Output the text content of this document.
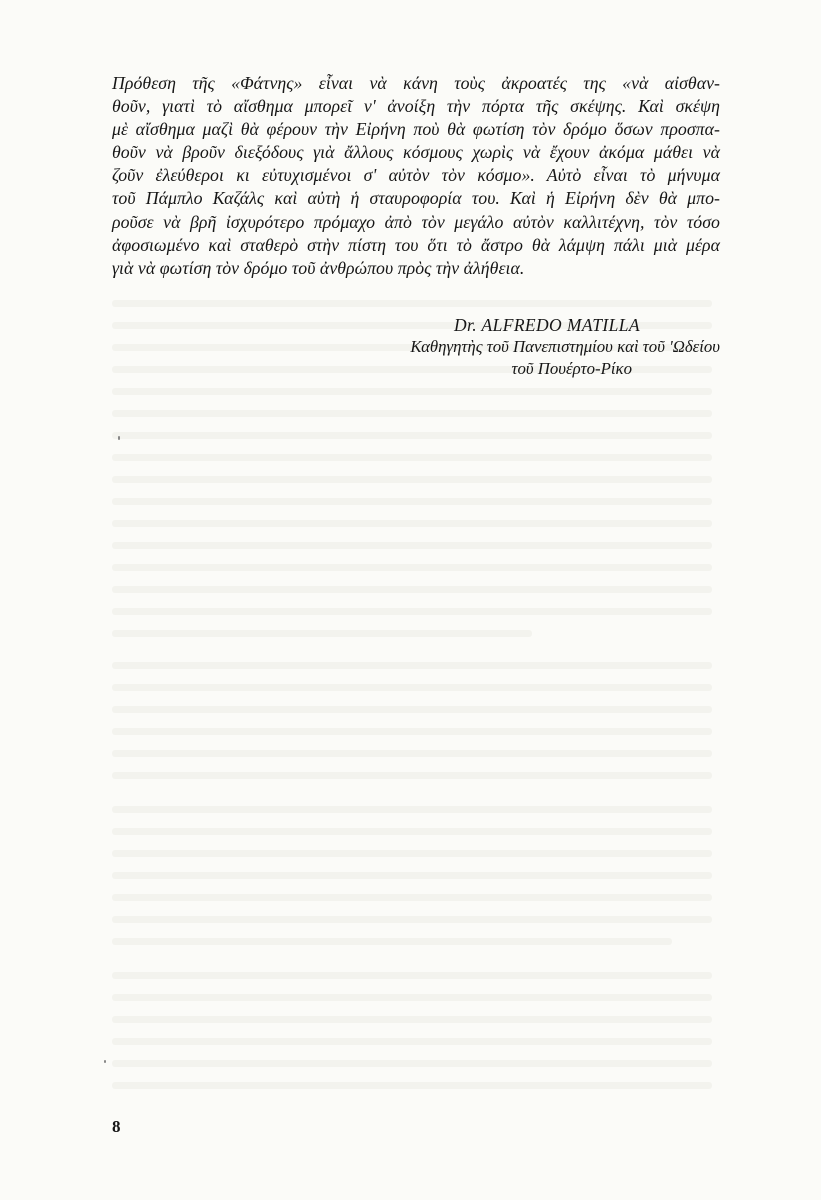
Πρόθεση τῆς «Φάτνης» εἶναι νὰ κάνη τοὺς ἀκροατές της «νὰ αἰσθαν-
θοῦν, γιατὶ τὸ αἴσθημα μπορεῖ ν' ἀνοίξη τὴν πόρτα τῆς σκέψης. Καὶ σκέψη
μὲ αἴσθημα μαζὶ θὰ φέρουν τὴν Εἰρήνη ποὺ θὰ φωτίση τὸν δρόμο ὅσων προσπα-
θοῦν νὰ βροῦν διεξόδους γιὰ ἄλλους κόσμους χωρὶς νὰ ἔχουν ἀκόμα μάθει νὰ
ζοῦν ἐλεύθεροι κι εὐτυχισμένοι σ' αὐτὸν τὸν κόσμο». Αὐτὸ εἶναι τὸ μήνυμα
τοῦ Πάμπλο Καζάλς καὶ αὐτὴ ἡ σταυροφορία του. Καὶ ἡ Εἰρήνη δὲν θὰ μπο-
ροῦσε νὰ βρῆ ἰσχυρότερο πρόμαχο ἀπὸ τὸν μεγάλο αὐτὸν καλλιτέχνη, τὸν τόσο
ἀφοσιωμένο καὶ σταθερὸ στὴν πίστη του ὅτι τὸ ἄστρο θὰ λάμψη πάλι μιὰ μέρα
γιὰ νὰ φωτίση τὸν δρόμο τοῦ ἀνθρώπου πρὸς τὴν ἀλήθεια.
Dr. ALFREDO MATILLA
Καθηγητὴς τοῦ Πανεπιστημίου καὶ τοῦ 'Ωδείου
τοῦ Πουέρτο-Ρίκο
8
